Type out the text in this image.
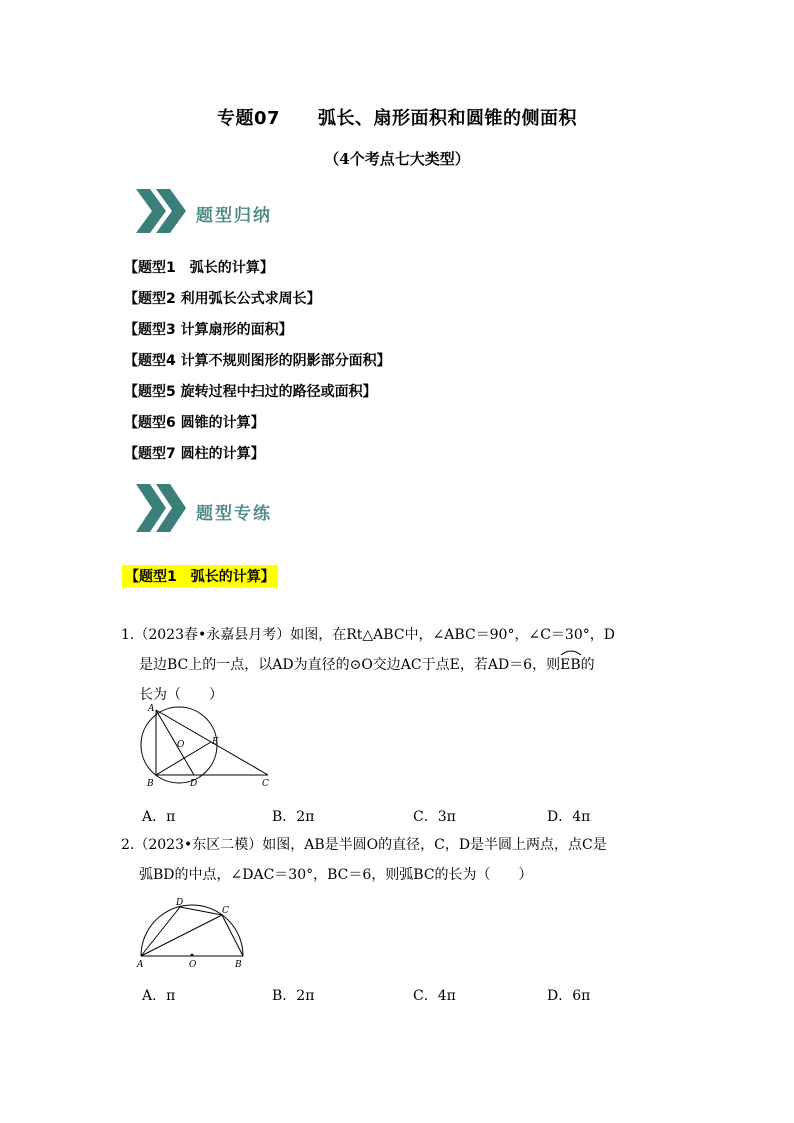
专题07 弧长、扇形面积和圆锥的侧面积
（4个考点七大类型）
题型归纳
【题型1　弧长的计算】
【题型2 利用弧长公式求周长】
【题型3 计算扇形的面积】
【题型4 计算不规则图形的阴影部分面积】
【题型5 旋转过程中扫过的路径或面积】
【题型6 圆锥的计算】
【题型7 圆柱的计算】
题型专练
【题型1　弧长的计算】
1.（2023春•永嘉县月考）如图，在Rt△ABC中，∠ABC＝90°，∠C＝30°，D
是边BC上的一点，以AD为直径的⊙O交边AC于点E，若AD＝6，则
EB的
长为（　　）
A
O	E
B	D	C
A．π	B．2π	C．3π	D．4π
2.（2023•东区二模）如图，AB是半圆O的直径，C，D是半圆上两点，点C是
弧BD的中点，∠DAC＝30°，BC＝6，则弧BC的长为（　　）
D
C
A	O	B
A．π	B．2π	C．4π	D．6π
